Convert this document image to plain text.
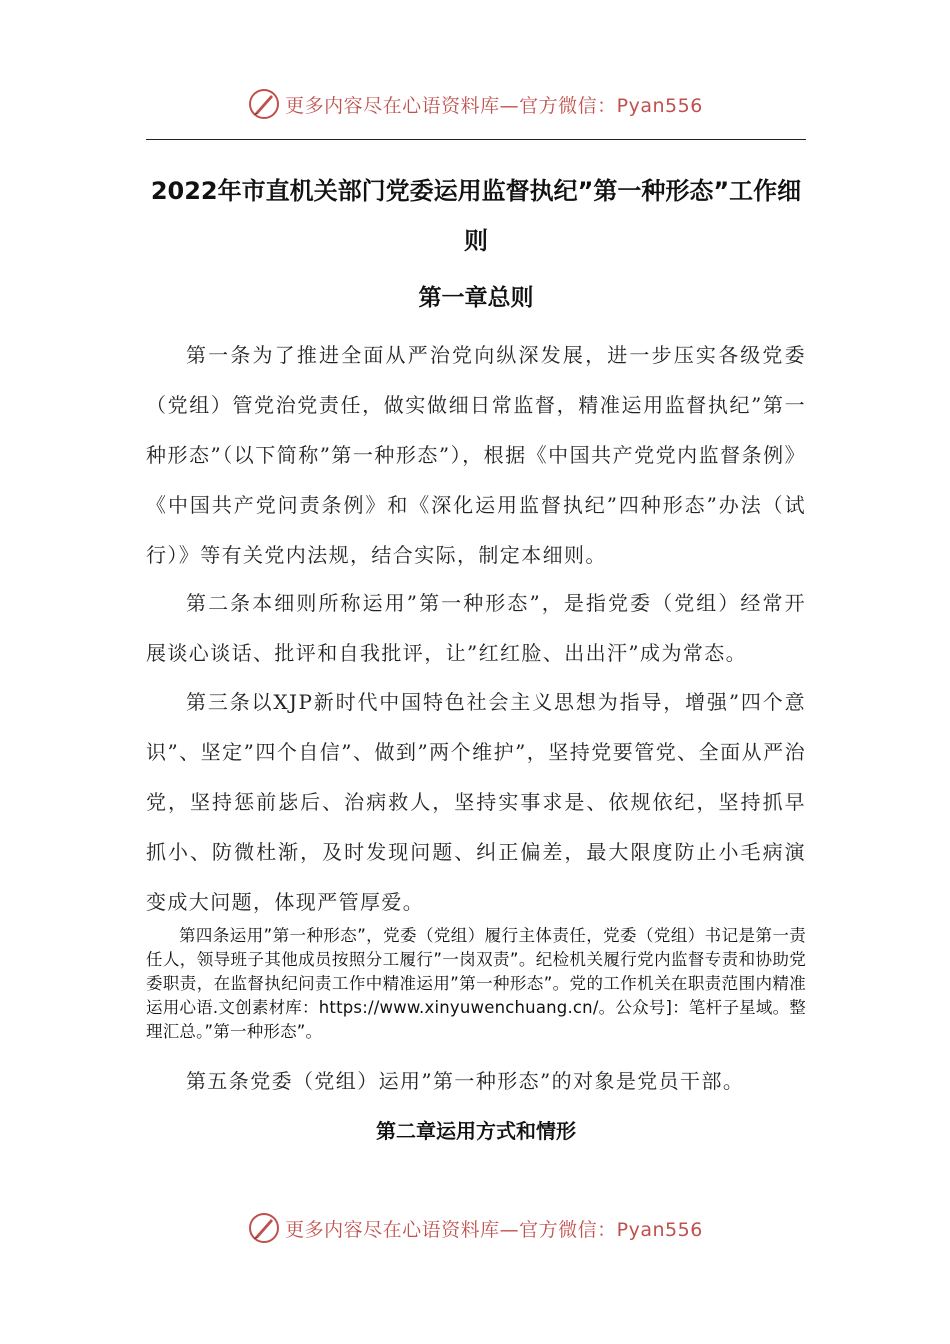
更多内容尽在心语资料库—官方微信：Pyan556
2022年市直机关部门党委运用监督执纪”第一种形态”工作细则
第一章总则
第一条为了推进全面从严治党向纵深发展，进一步压实各级党委（党组）管党治党责任，做实做细日常监督，精准运用监督执纪”第一种形态”（以下简称”第一种形态”），根据《中国共产党党内监督条例》《中国共产党问责条例》和《深化运用监督执纪”四种形态”办法（试行）》等有关党内法规，结合实际，制定本细则。
第二条本细则所称运用”第一种形态”，是指党委（党组）经常开展谈心谈话、批评和自我批评，让”红红脸、出出汗”成为常态。
第三条以XJP新时代中国特色社会主义思想为指导，增强”四个意识”、坚定”四个自信”、做到”两个维护”，坚持党要管党、全面从严治党，坚持惩前毖后、治病救人，坚持实事求是、依规依纪，坚持抓早抓小、防微杜渐，及时发现问题、纠正偏差，最大限度防止小毛病演变成大问题，体现严管厚爱。
第四条运用”第一种形态”，党委（党组）履行主体责任，党委（党组）书记是第一责任人，领导班子其他成员按照分工履行”一岗双责”。纪检机关履行党内监督专责和协助党委职责，在监督执纪问责工作中精准运用”第一种形态”。党的工作机关在职责范围内精准运用心语.文创素材库：https://www.xinyuwenchuang.cn/。公众号]：笔杆子星域。整理汇总。”第一种形态”。
第五条党委（党组）运用”第一种形态”的对象是党员干部。
第二章运用方式和情形
更多内容尽在心语资料库—官方微信：Pyan556
